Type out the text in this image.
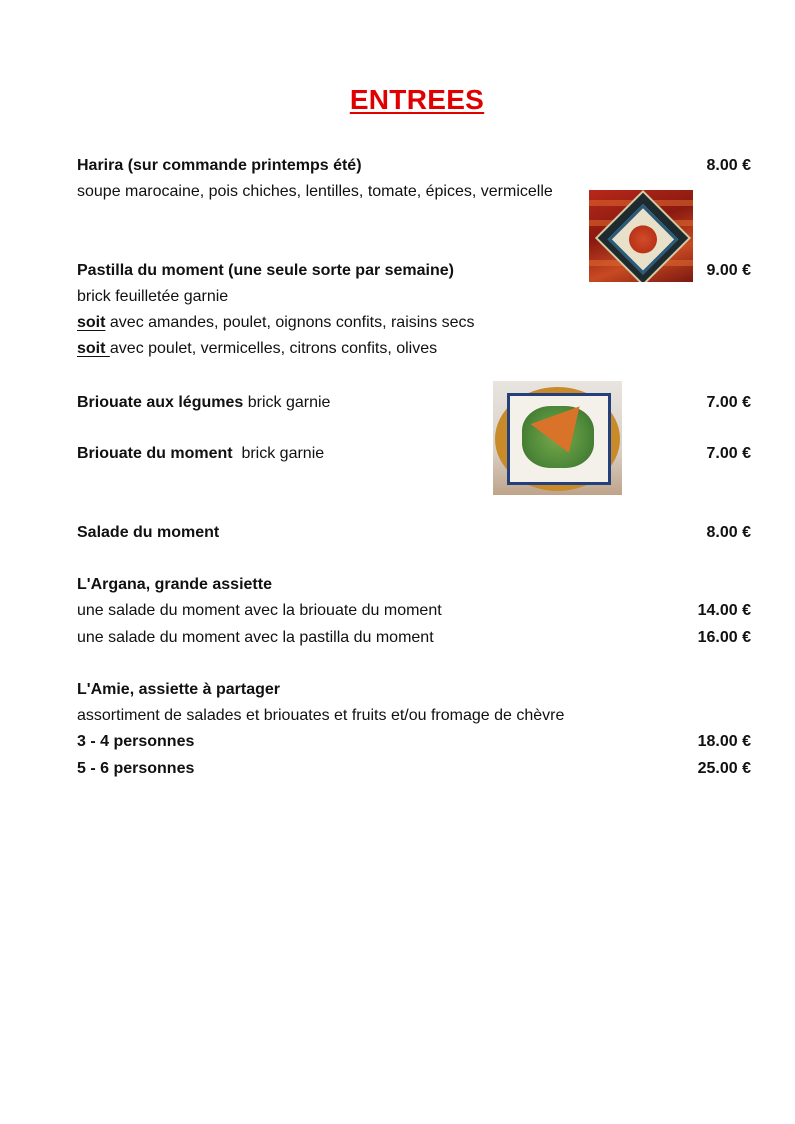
ENTREES
Harira (sur commande printemps été)	8.00 €
soupe marocaine, pois chiches, lentilles, tomate, épices, vermicelle
Pastilla du moment (une seule sorte par semaine)	9.00 €
brick feuilletée garnie
soit avec amandes, poulet, oignons confits, raisins secs
soit avec poulet, vermicelles, citrons confits, olives
Briouate aux légumes brick garnie	7.00 €
Briouate du moment  brick garnie	7.00 €
Salade du moment	8.00 €
L'Argana, grande assiette
une salade du moment avec la briouate du moment	14.00 €
une salade du moment avec la pastilla du moment	16.00 €
L'Amie, assiette à partager
assortiment de salades et briouates et fruits et/ou fromage de chèvre
3 - 4 personnes	18.00 €
5 - 6 personnes	25.00 €
